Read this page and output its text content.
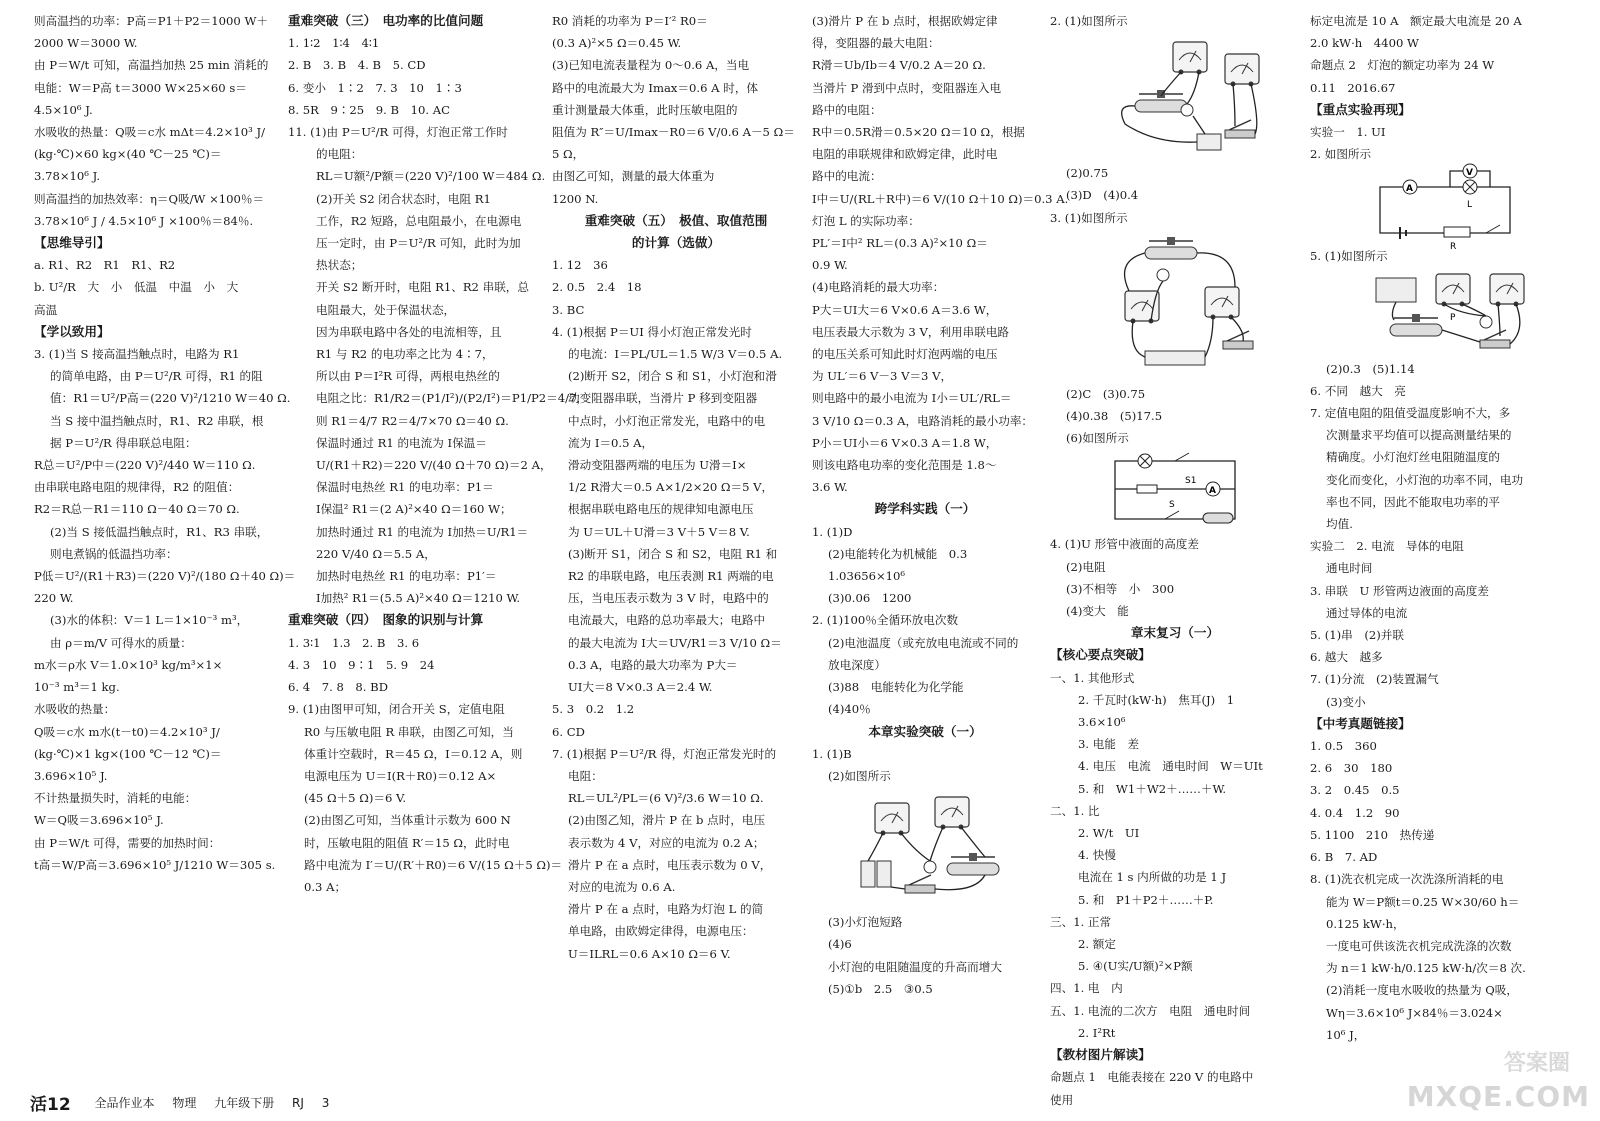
则高温挡的功率：P高＝P1＋P2＝1000 W＋
2000 W＝3000 W.
由 P＝W/t 可知，高温挡加热 25 min 消耗的
电能：W＝P高 t＝3000 W×25×60 s＝
4.5×10⁶ J.
水吸收的热量：Q吸＝c水 mΔt＝4.2×10³ J/
(kg·℃)×60 kg×(40 ℃－25 ℃)＝
3.78×10⁶ J.
则高温挡的加热效率：η＝Q吸/W ×100％＝
3.78×10⁶ J / 4.5×10⁶ J ×100％＝84％.
【思维导引】
a. R1、R2　R1　R1、R2
b. U²/R　大　小　低温　中温　小　大
高温
【学以致用】
3. (1)当 S 接高温挡触点时，电路为 R1
的简单电路，由 P＝U²/R 可得，R1 的阻
值：R1＝U²/P高＝(220 V)²/1210 W＝40 Ω.
当 S 接中温挡触点时，R1、R2 串联，根
据 P＝U²/R 得串联总电阻：
R总＝U²/P中＝(220 V)²/440 W＝110 Ω.
由串联电路电阻的规律得，R2 的阻值：
R2＝R总－R1＝110 Ω－40 Ω＝70 Ω.
(2)当 S 接低温挡触点时，R1、R3 串联，
则电煮锅的低温挡功率：
P低＝U²/(R1＋R3)＝(220 V)²/(180 Ω＋40 Ω)＝
220 W.
(3)水的体积：V＝1 L＝1×10⁻³ m³，
由 ρ＝m/V 可得水的质量：
m水＝ρ水 V＝1.0×10³ kg/m³×1×
10⁻³ m³＝1 kg.
水吸收的热量：
Q吸＝c水 m水(t－t0)＝4.2×10³ J/
(kg·℃)×1 kg×(100 ℃－12 ℃)＝
3.696×10⁵ J.
不计热量损失时，消耗的电能：
W＝Q吸＝3.696×10⁵ J.
由 P＝W/t 可得，需要的加热时间：
t高＝W/P高＝3.696×10⁵ J/1210 W＝305 s.
重难突破（三）　电功率的比值问题
1. 1∶2　1∶4　4∶1
2. B　3. B　4. B　5. CD
6. 变小　1∶2　7. 3　10　1∶3
8. 5R　9∶25　9. B　10. AC
11. (1)由 P＝U²/R 可得，灯泡正常工作时
的电阻：
RL＝U额²/P额＝(220 V)²/100 W＝484 Ω.
(2)开关 S2 闭合状态时，电阻 R1
工作，R2 短路，总电阻最小，在电源电
压一定时，由 P＝U²/R 可知，此时为加
热状态；
开关 S2 断开时，电阻 R1、R2 串联，总
电阻最大，处于保温状态，
因为串联电路中各处的电流相等，且
R1 与 R2 的电功率之比为 4∶7，
所以由 P＝I²R 可得，两根电热丝的
电阻之比：R1/R2＝(P1/I²)/(P2/I²)＝P1/P2＝4/7，
则 R1＝4/7 R2＝4/7×70 Ω＝40 Ω.
保温时通过 R1 的电流为 I保温＝
U/(R1＋R2)＝220 V/(40 Ω＋70 Ω)＝2 A，
保温时电热丝 R1 的电功率：P1＝
I保温² R1＝(2 A)²×40 Ω＝160 W；
加热时通过 R1 的电流为 I加热＝U/R1＝
220 V/40 Ω＝5.5 A，
加热时电热丝 R1 的电功率：P1′＝
I加热² R1＝(5.5 A)²×40 Ω＝1210 W.
重难突破（四）　图象的识别与计算
1. 3∶1　1.3　2. B　3. 6
4. 3　10　9∶1　5. 9　24
6. 4　7. 8　8. BD
9. (1)由图甲可知，闭合开关 S，定值电阻
R0 与压敏电阻 R 串联，由图乙可知，当
体重计空载时，R＝45 Ω，I＝0.12 A，则
电源电压为 U＝I(R＋R0)＝0.12 A×
(45 Ω＋5 Ω)＝6 V.
(2)由图乙可知，当体重计示数为 600 N
时，压敏电阻的阻值 R′＝15 Ω，此时电
路中电流为 I′＝U/(R′＋R0)＝6 V/(15 Ω＋5 Ω)＝
0.3 A；
R0 消耗的功率为 P＝I′² R0＝
(0.3 A)²×5 Ω＝0.45 W.
(3)已知电流表量程为 0～0.6 A，当电
路中的电流最大为 Imax＝0.6 A 时，体
重计测量最大体重，此时压敏电阻的
阻值为 R″＝U/Imax－R0＝6 V/0.6 A－5 Ω＝
5 Ω，
由图乙可知，测量的最大体重为
1200 N.
重难突破（五）　极值、取值范围
的计算（选做）
1. 12　36
2. 0.5　2.4　18
3. BC
4. (1)根据 P＝UI 得小灯泡正常发光时
的电流：I＝PL/UL＝1.5 W/3 V＝0.5 A.
(2)断开 S2，闭合 S 和 S1，小灯泡和滑
动变阻器串联，当滑片 P 移到变阻器
中点时，小灯泡正常发光，电路中的电
流为 I＝0.5 A，
滑动变阻器两端的电压为 U滑＝I×
1/2 R滑大＝0.5 A×1/2×20 Ω＝5 V，
根据串联电路电压的规律知电源电压
为 U＝UL＋U滑＝3 V＋5 V＝8 V.
(3)断开 S1，闭合 S 和 S2，电阻 R1 和
R2 的串联电路，电压表测 R1 两端的电
压，当电压表示数为 3 V 时，电路中的
电流最大，电路的总功率最大；电路中
的最大电流为 I大＝UV/R1＝3 V/10 Ω＝
0.3 A，电路的最大功率为 P大＝
UI大＝8 V×0.3 A＝2.4 W.
5. 3　0.2　1.2
6. CD
7. (1)根据 P＝U²/R 得，灯泡正常发光时的
电阻：
RL＝UL²/PL＝(6 V)²/3.6 W＝10 Ω.
(2)由图乙知，滑片 P 在 b 点时，电压
表示数为 4 V，对应的电流为 0.2 A；
滑片 P 在 a 点时，电压表示数为 0 V，
对应的电流为 0.6 A.
滑片 P 在 a 点时，电路为灯泡 L 的简
单电路，由欧姆定律得，电源电压：
U＝ILRL＝0.6 A×10 Ω＝6 V.
(3)滑片 P 在 b 点时，根据欧姆定律
得，变阻器的最大电阻：
R滑＝Ub/Ib＝4 V/0.2 A＝20 Ω.
当滑片 P 滑到中点时，变阻器连入电
路中的电阻：
R中＝0.5R滑＝0.5×20 Ω＝10 Ω，根据
电阻的串联规律和欧姆定律，此时电
路中的电流：
I中＝U/(RL＋R中)＝6 V/(10 Ω＋10 Ω)＝0.3 A.
灯泡 L 的实际功率：
PL′＝I中² RL＝(0.3 A)²×10 Ω＝
0.9 W.
(4)电路消耗的最大功率：
P大＝UI大＝6 V×0.6 A＝3.6 W，
电压表最大示数为 3 V，利用串联电路
的电压关系可知此时灯泡两端的电压
为 UL′＝6 V－3 V＝3 V，
则电路中的最小电流为 I小＝UL′/RL＝
3 V/10 Ω＝0.3 A，电路消耗的最小功率：
P小＝UI小＝6 V×0.3 A＝1.8 W，
则该电路电功率的变化范围是 1.8～
3.6 W.
跨学科实践（一）
1. (1)D
(2)电能转化为机械能　0.3
1.03656×10⁶
(3)0.06　1200
2. (1)100％全循环放电次数
(2)电池温度（或充放电电流或不同的
放电深度）
(3)88　电能转化为化学能
(4)40％
本章实验突破（一）
1. (1)B
(2)如图所示
(3)小灯泡短路
(4)6
小灯泡的电阻随温度的升高而增大
(5)①b　2.5　③0.5
2. (1)如图所示
(2)0.75
(3)D　(4)0.4
3. (1)如图所示
(2)C　(3)0.75
(4)0.38　(5)17.5
(6)如图所示
A
S1
S
4. (1)U 形管中液面的高度差
(2)电阻
(3)不相等　小　300
(4)变大　能
章末复习（一）
【核心要点突破】
一、1. 其他形式
2. 千瓦时(kW·h)　焦耳(J)　1
3.6×10⁶
3. 电能　差
4. 电压　电流　通电时间　W＝UIt
5. 和　W1＋W2＋……＋W.
二、1. 比
2. W/t　UI
4. 快慢
电流在 1 s 内所做的功是 1 J
5. 和　P1＋P2＋……＋P.
三、1. 正常
2. 额定
5. ④(U实/U额)²×P额
四、1. 电　内
五、1. 电流的二次方　电阻　通电时间
2. I²Rt
【教材图片解读】
命题点 1　电能表接在 220 V 的电路中
使用
标定电流是 10 A　额定最大电流是 20 A
2.0 kW·h　4400 W
命题点 2　灯泡的额定功率为 24 W
0.11　2016.67
【重点实验再现】
实验一　1. UI
2. 如图所示
V
A
L
R
5. (1)如图所示
P
(2)0.3　(5)1.14
6. 不同　越大　亮
7. 定值电阻的阻值受温度影响不大，多
次测量求平均值可以提高测量结果的
精确度。小灯泡灯丝电阻随温度的
变化而变化，小灯泡的功率不同，电功
率也不同，因此不能取电功率的平
均值.
实验二　2. 电流　导体的电阻
通电时间
3. 串联　U 形管两边液面的高度差
通过导体的电流
5. (1)串　(2)并联
6. 越大　越多
7. (1)分流　(2)装置漏气
(3)变小
【中考真题链接】
1. 0.5　360
2. 6　30　180
3. 2　0.45　0.5
4. 0.4　1.2　90
5. 1100　210　热传递
6. B　7. AD
8. (1)洗衣机完成一次洗涤所消耗的电
能为 W＝P额t＝0.25 W×30/60 h＝
0.125 kW·h，
一度电可供该洗衣机完成洗涤的次数
为 n＝1 kW·h/0.125 kW·h/次＝8 次.
(2)消耗一度电水吸收的热量为 Q吸，
Wη＝3.6×10⁶ J×84％＝3.024×
10⁶ J，
活12 全品作业本 物理 九年级下册 RJ 3
答案圈
MXQE.COM
